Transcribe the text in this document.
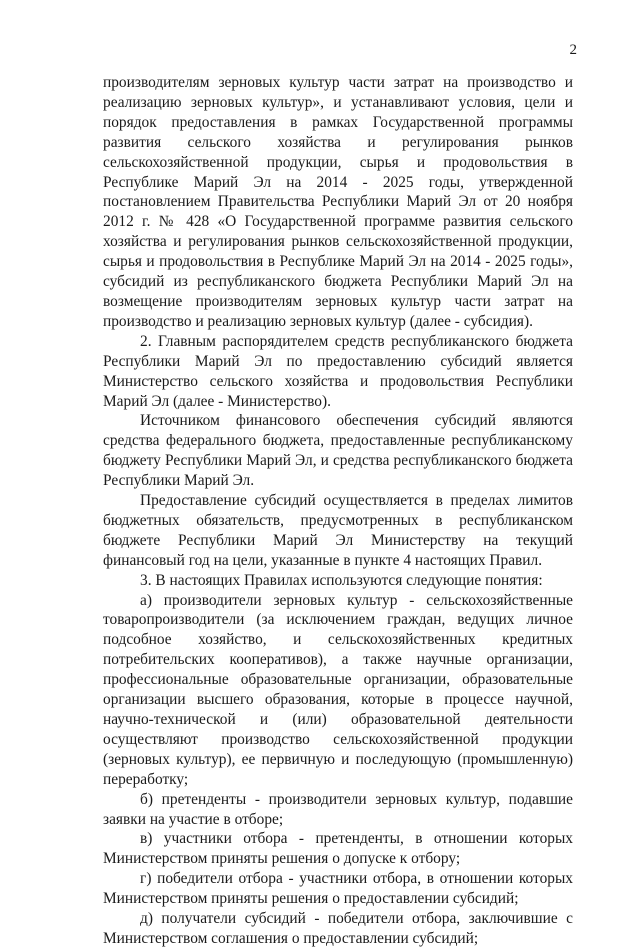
2

производителям зерновых культур части затрат на производство и реализацию зерновых культур», и устанавливают условия, цели и порядок предоставления в рамках Государственной программы развития сельского хозяйства и регулирования рынков сельскохозяйственной продукции, сырья и продовольствия в Республике Марий Эл на 2014 - 2025 годы, утвержденной постановлением Правительства Республики Марий Эл от 20 ноября 2012 г. № 428 «О Государственной программе развития сельского хозяйства и регулирования рынков сельскохозяйственной продукции, сырья и продовольствия в Республике Марий Эл на 2014 - 2025 годы», субсидий из республиканского бюджета Республики Марий Эл на возмещение производителям зерновых культур части затрат на производство и реализацию зерновых культур (далее - субсидия).

2. Главным распорядителем средств республиканского бюджета Республики Марий Эл по предоставлению субсидий является Министерство сельского хозяйства и продовольствия Республики Марий Эл (далее - Министерство).

Источником финансового обеспечения субсидий являются средства федерального бюджета, предоставленные республиканскому бюджету Республики Марий Эл, и средства республиканского бюджета Республики Марий Эл.

Предоставление субсидий осуществляется в пределах лимитов бюджетных обязательств, предусмотренных в республиканском бюджете Республики Марий Эл Министерству на текущий финансовый год на цели, указанные в пункте 4 настоящих Правил.

3. В настоящих Правилах используются следующие понятия:

а) производители зерновых культур - сельскохозяйственные товаропроизводители (за исключением граждан, ведущих личное подсобное хозяйство, и сельскохозяйственных кредитных потребительских кооперативов), а также научные организации, профессиональные образовательные организации, образовательные организации высшего образования, которые в процессе научной, научно-технической и (или) образовательной деятельности осуществляют производство сельскохозяйственной продукции (зерновых культур), ее первичную и последующую (промышленную) переработку;

б) претенденты - производители зерновых культур, подавшие заявки на участие в отборе;

в) участники отбора - претенденты, в отношении которых Министерством приняты решения о допуске к отбору;

г) победители отбора - участники отбора, в отношении которых Министерством приняты решения о предоставлении субсидий;

д) получатели субсидий - победители отбора, заключившие с Министерством соглашения о предоставлении субсидий;
